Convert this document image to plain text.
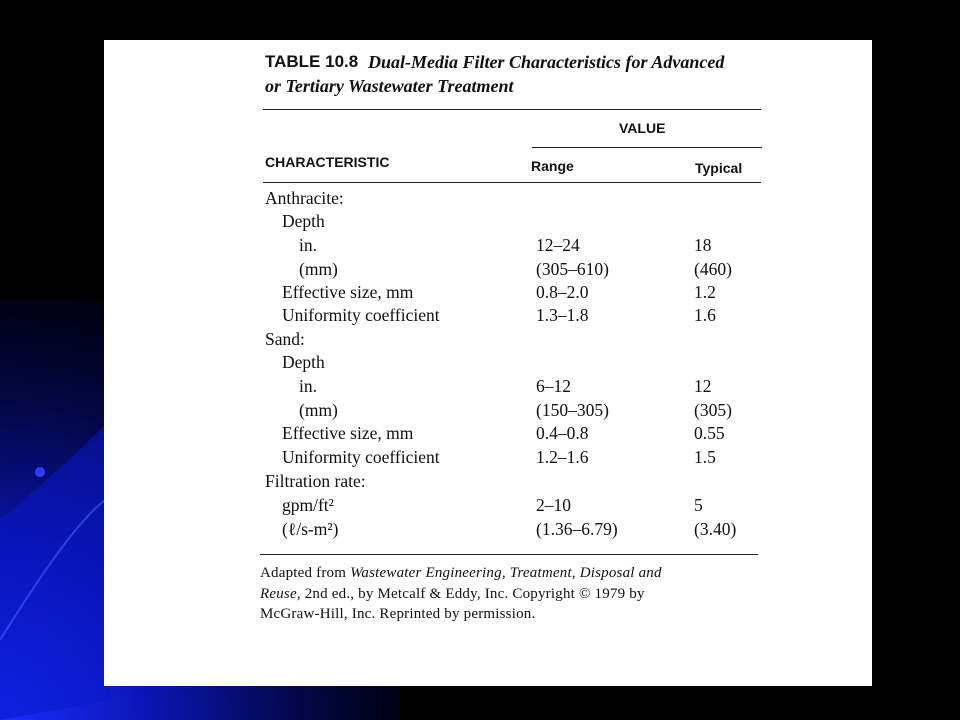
TABLE 10.8 Dual-Media Filter Characteristics for Advanced
or Tertiary Wastewater Treatment
VALUE
CHARACTERISTIC	Range	Typical
Anthracite:
Depth
in.	12–24	18
(mm)	(305–610)	(460)
Effective size, mm	0.8–2.0	1.2
Uniformity coefficient	1.3–1.8	1.6
Sand:
Depth
in.	6–12	12
(mm)	(150–305)	(305)
Effective size, mm	0.4–0.8	0.55
Uniformity coefficient	1.2–1.6	1.5
Filtration rate:
gpm/ft²	2–10	5
(ℓ/s-m²)	(1.36–6.79)	(3.40)
Adapted from Wastewater Engineering, Treatment, Disposal and
Reuse, 2nd ed., by Metcalf & Eddy, Inc. Copyright © 1979 by
McGraw-Hill, Inc. Reprinted by permission.
